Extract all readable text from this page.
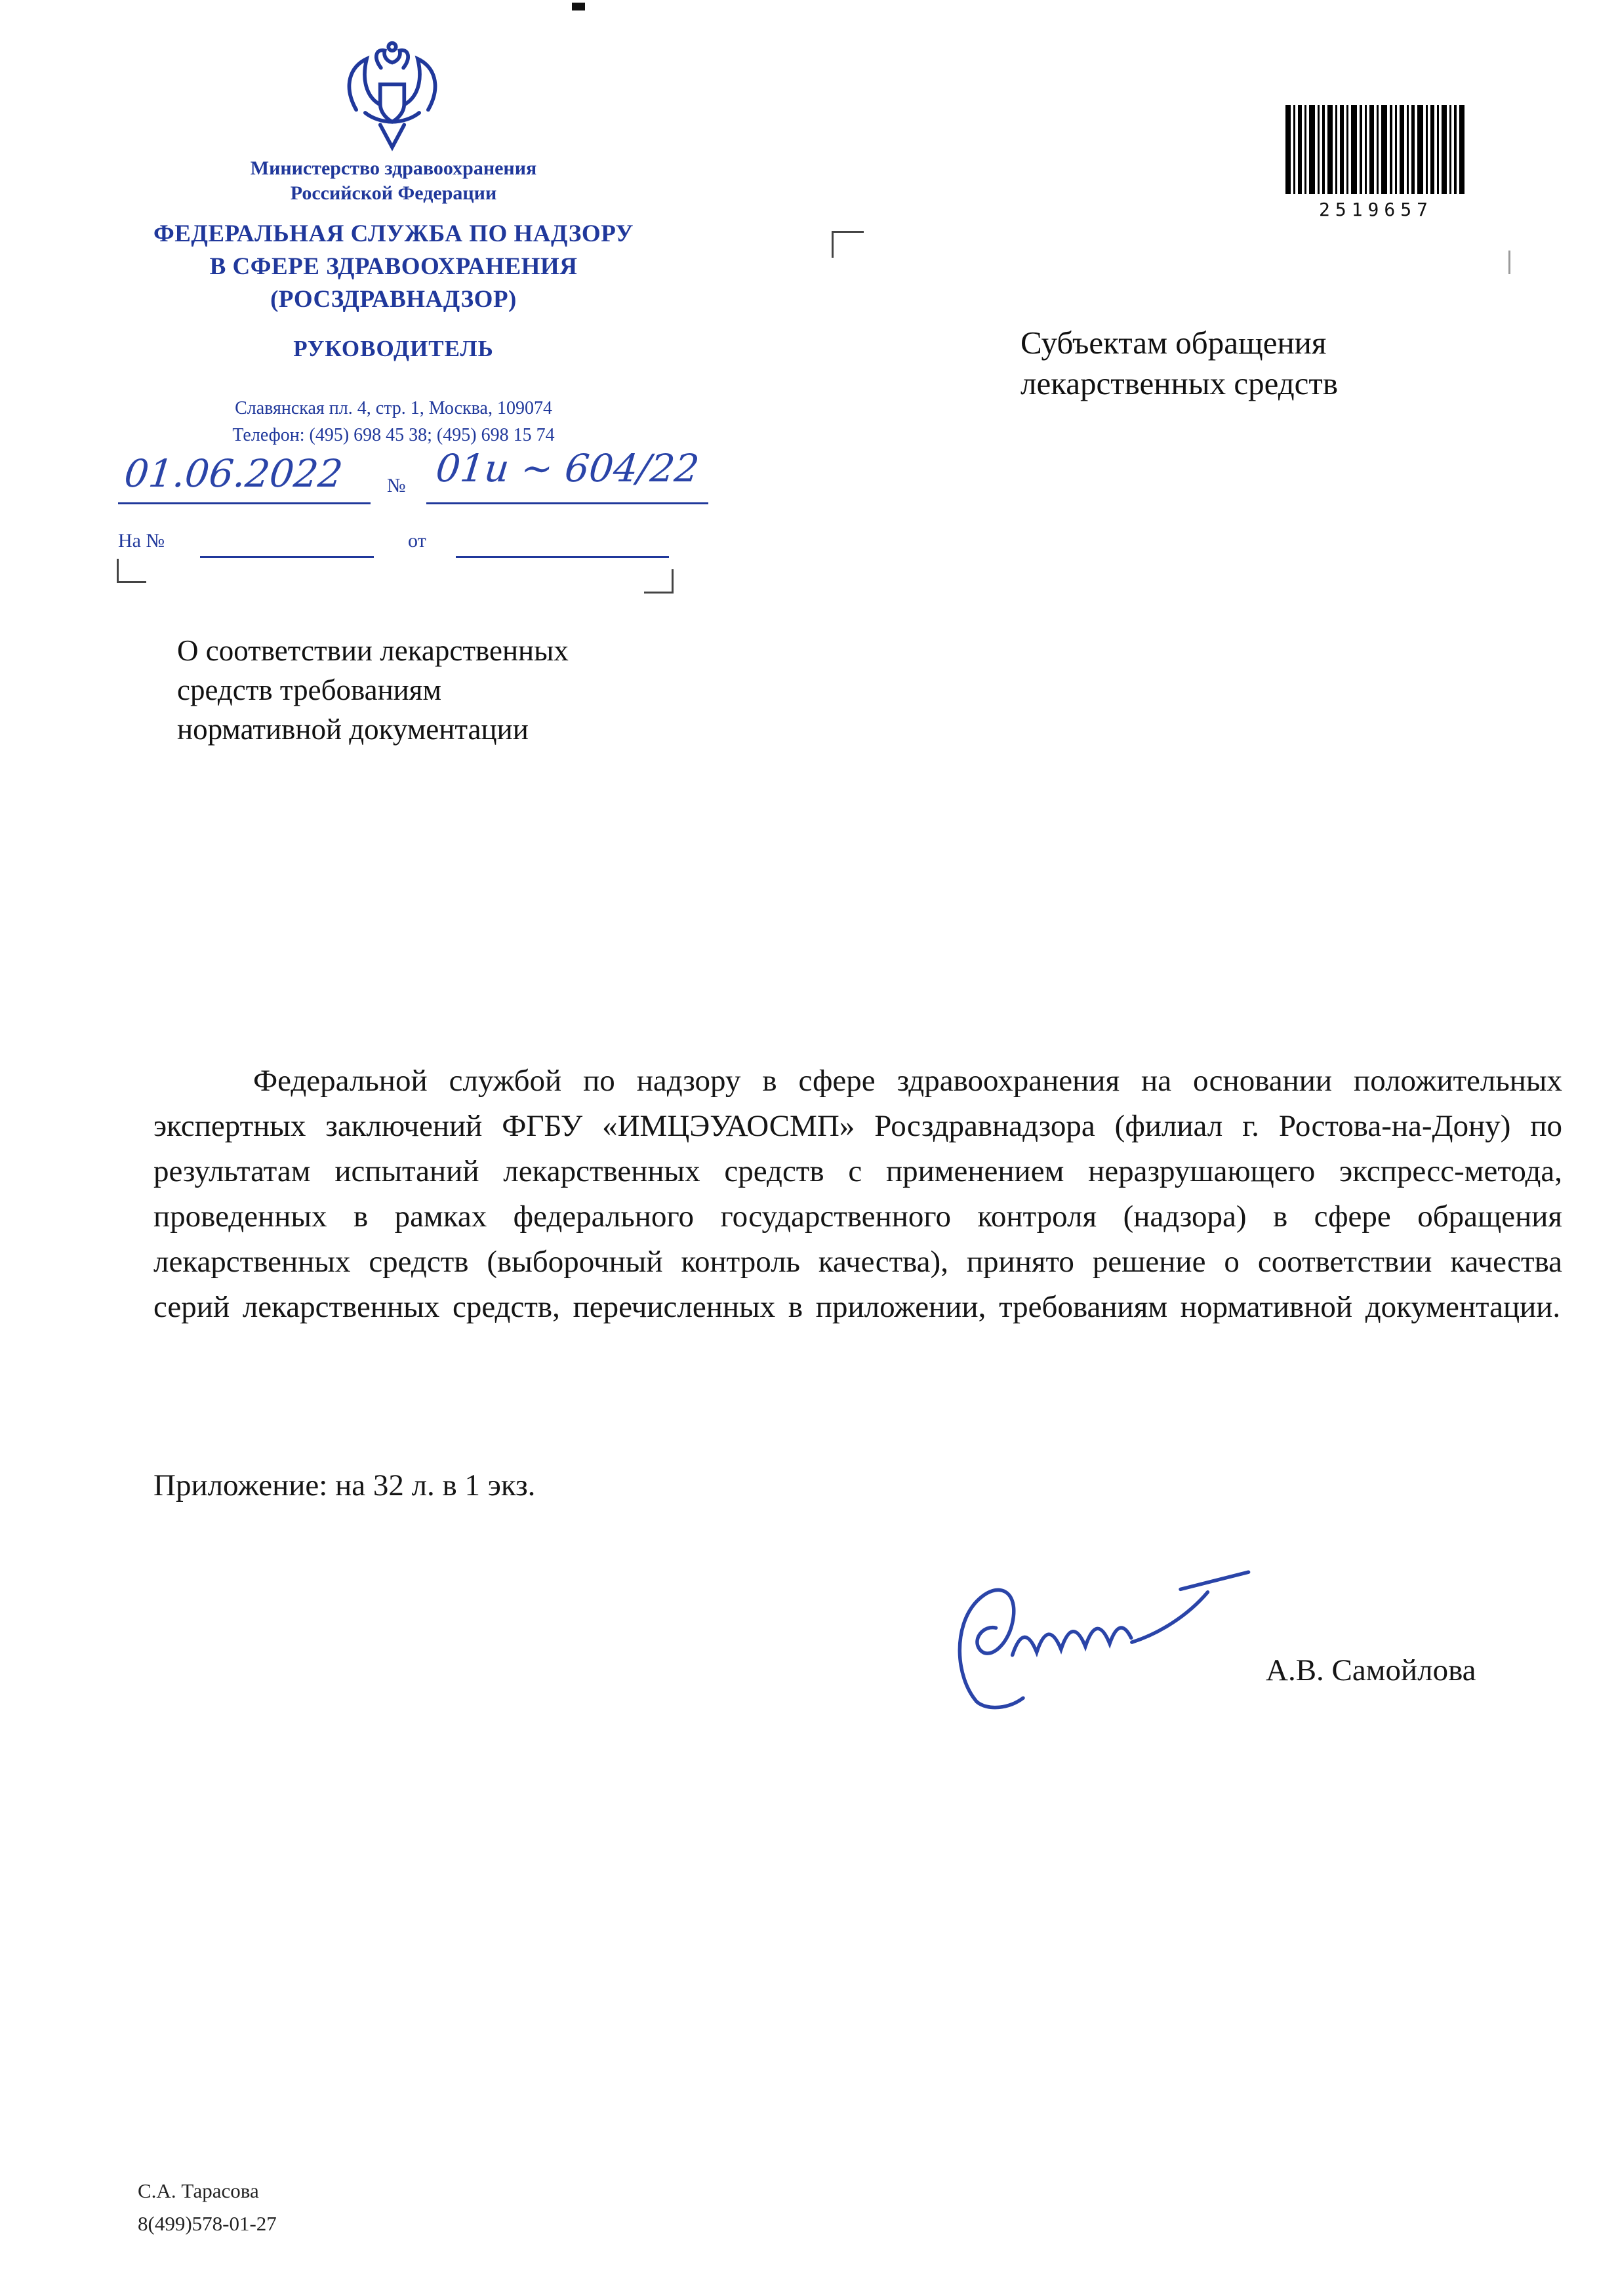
Министерство здравоохранения
Российской Федерации
ФЕДЕРАЛЬНАЯ СЛУЖБА ПО НАДЗОРУ
В СФЕРЕ ЗДРАВООХРАНЕНИЯ
(РОСЗДРАВНАДЗОР)
РУКОВОДИТЕЛЬ
Славянская пл. 4, стр. 1, Москва, 109074
Телефон: (495) 698 45 38; (495) 698 15 74
01.06.2022 № 01и ~ 604/22
На №	от
2519657
Субъектам обращения
лекарственных средств
О соответствии лекарственных
средств требованиям
нормативной документации
Федеральной службой по надзору в сфере здравоохранения на основании положительных экспертных заключений ФГБУ «ИМЦЭУАОСМП» Росздравнадзора (филиал г. Ростова-на-Дону) по результатам испытаний лекарственных средств с применением неразрушающего экспресс-метода, проведенных в рамках федерального государственного контроля (надзора) в сфере обращения лекарственных средств (выборочный контроль качества), принято решение о соответствии качества серий лекарственных средств, перечисленных в приложении, требованиям нормативной документации.
Приложение: на 32 л. в 1 экз.
А.В. Самойлова
С.А. Тарасова
8(499)578-01-27
